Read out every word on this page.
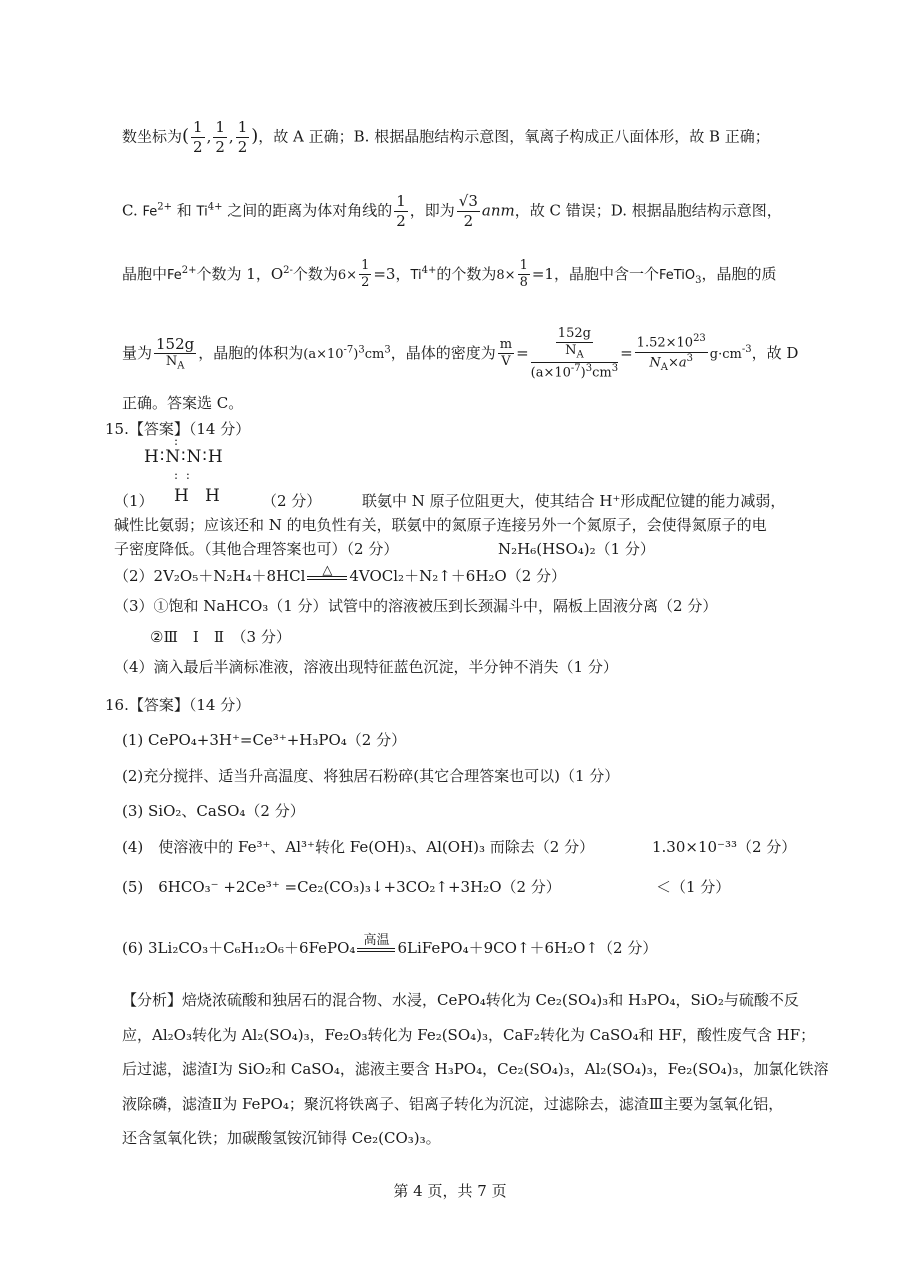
数坐标为( $\frac{1}{2}$ , $\frac{1}{2}$ , $\frac{1}{2}$ )，故 A 正确；B. 根据晶胞结构示意图，氧离子构成正八面体形，故 B 正确；
C. $Fe^{2+}$ 和 $Ti^{4+}$ 之间的距离为体对角线的 $\frac{1}{2}$ ，即为 $\frac{√3}{2}$ anm，故 C 错误；D. 根据晶胞结构示意图，
晶胞中$Fe^{2+}$个数为 1，$O^{2-}$个数为$6\times \frac{1}{2} =3$，$Ti^{4+}$的个数为$8\times \frac{1}{8} =1$，晶胞中含一个FeTiO$_3$，晶胞的质
量为 $\frac{152g}{N_A}$ ，晶胞的体积为$(a\times 10^{-7})^3cm^3$，晶体的密度为 $\frac{m}{V} = \frac{\frac{152g}{N_A}}{(a\times 10^{-7})^3cm^3} = \frac{1.52\times 10^{23}}{N_A\times a^3} g\cdot cm^{-3}$，故 D
正确。答案选 C。
15.【答案】（14 分）
H∶N∶N∶H
:
: :
（1） H   H	（2 分）	联氨中 N 原子位阻更大，使其结合 H⁺形成配位键的能力减弱，
碱性比氨弱；应该还和 N 的电负性有关，联氨中的氮原子连接另外一个氮原子，会使得氮原子的电
子密度降低。（其他合理答案也可）（2 分）	N₂H₆(HSO₄)₂（1 分）
（2）2V₂O₅＋N₂H₄＋8HCl	△	4VOCl₂＋N₂↑＋6H₂O（2 分）
（3）①饱和 NaHCO₃（1 分） 试管中的溶液被压到长颈漏斗中，隔板上固液分离（2 分）
②Ⅲ　Ⅰ　Ⅱ　（3 分）
（4）滴入最后半滴标准液，溶液出现特征蓝色沉淀，半分钟不消失（1 分）
16.【答案】（14 分）
(1) CePO₄+3H⁺=Ce³⁺+H₃PO₄（2 分）
(2)充分搅拌、适当升高温度、将独居石粉碎(其它合理答案也可以)（1 分）
(3) SiO₂、CaSO₄（2 分）
(4)　使溶液中的 Fe³⁺、Al³⁺转化 Fe(OH)₃、Al(OH)₃ 而除去（2 分）	1.30×10⁻³³（2 分）
(5)　6HCO₃⁻ +2Ce³⁺ =Ce₂(CO₃)₃↓+3CO₂↑+3H₂O（2 分）	＜（1 分）
(6) 3Li₂CO₃＋C₆H₁₂O₆＋6FePO₄ 高温 6LiFePO₄＋9CO↑＋6H₂O↑（2 分）
【分析】焙烧浓硫酸和独居石的混合物、水浸，CePO₄转化为 Ce₂(SO₄)₃和 H₃PO₄，SiO₂与硫酸不反
应，Al₂O₃转化为 Al₂(SO₄)₃，Fe₂O₃转化为 Fe₂(SO₄)₃，CaF₂转化为 CaSO₄和 HF，酸性废气含 HF；
后过滤，滤渣Ⅰ为 SiO₂和 CaSO₄，滤液主要含 H₃PO₄，Ce₂(SO₄)₃，Al₂(SO₄)₃，Fe₂(SO₄)₃，加氯化铁溶
液除磷，滤渣Ⅱ为 FePO₄；聚沉将铁离子、铝离子转化为沉淀，过滤除去，滤渣Ⅲ主要为氢氧化铝，
还含氢氧化铁；加碳酸氢铵沉铈得 Ce₂(CO₃)₃。
第 4 页，共 7 页
